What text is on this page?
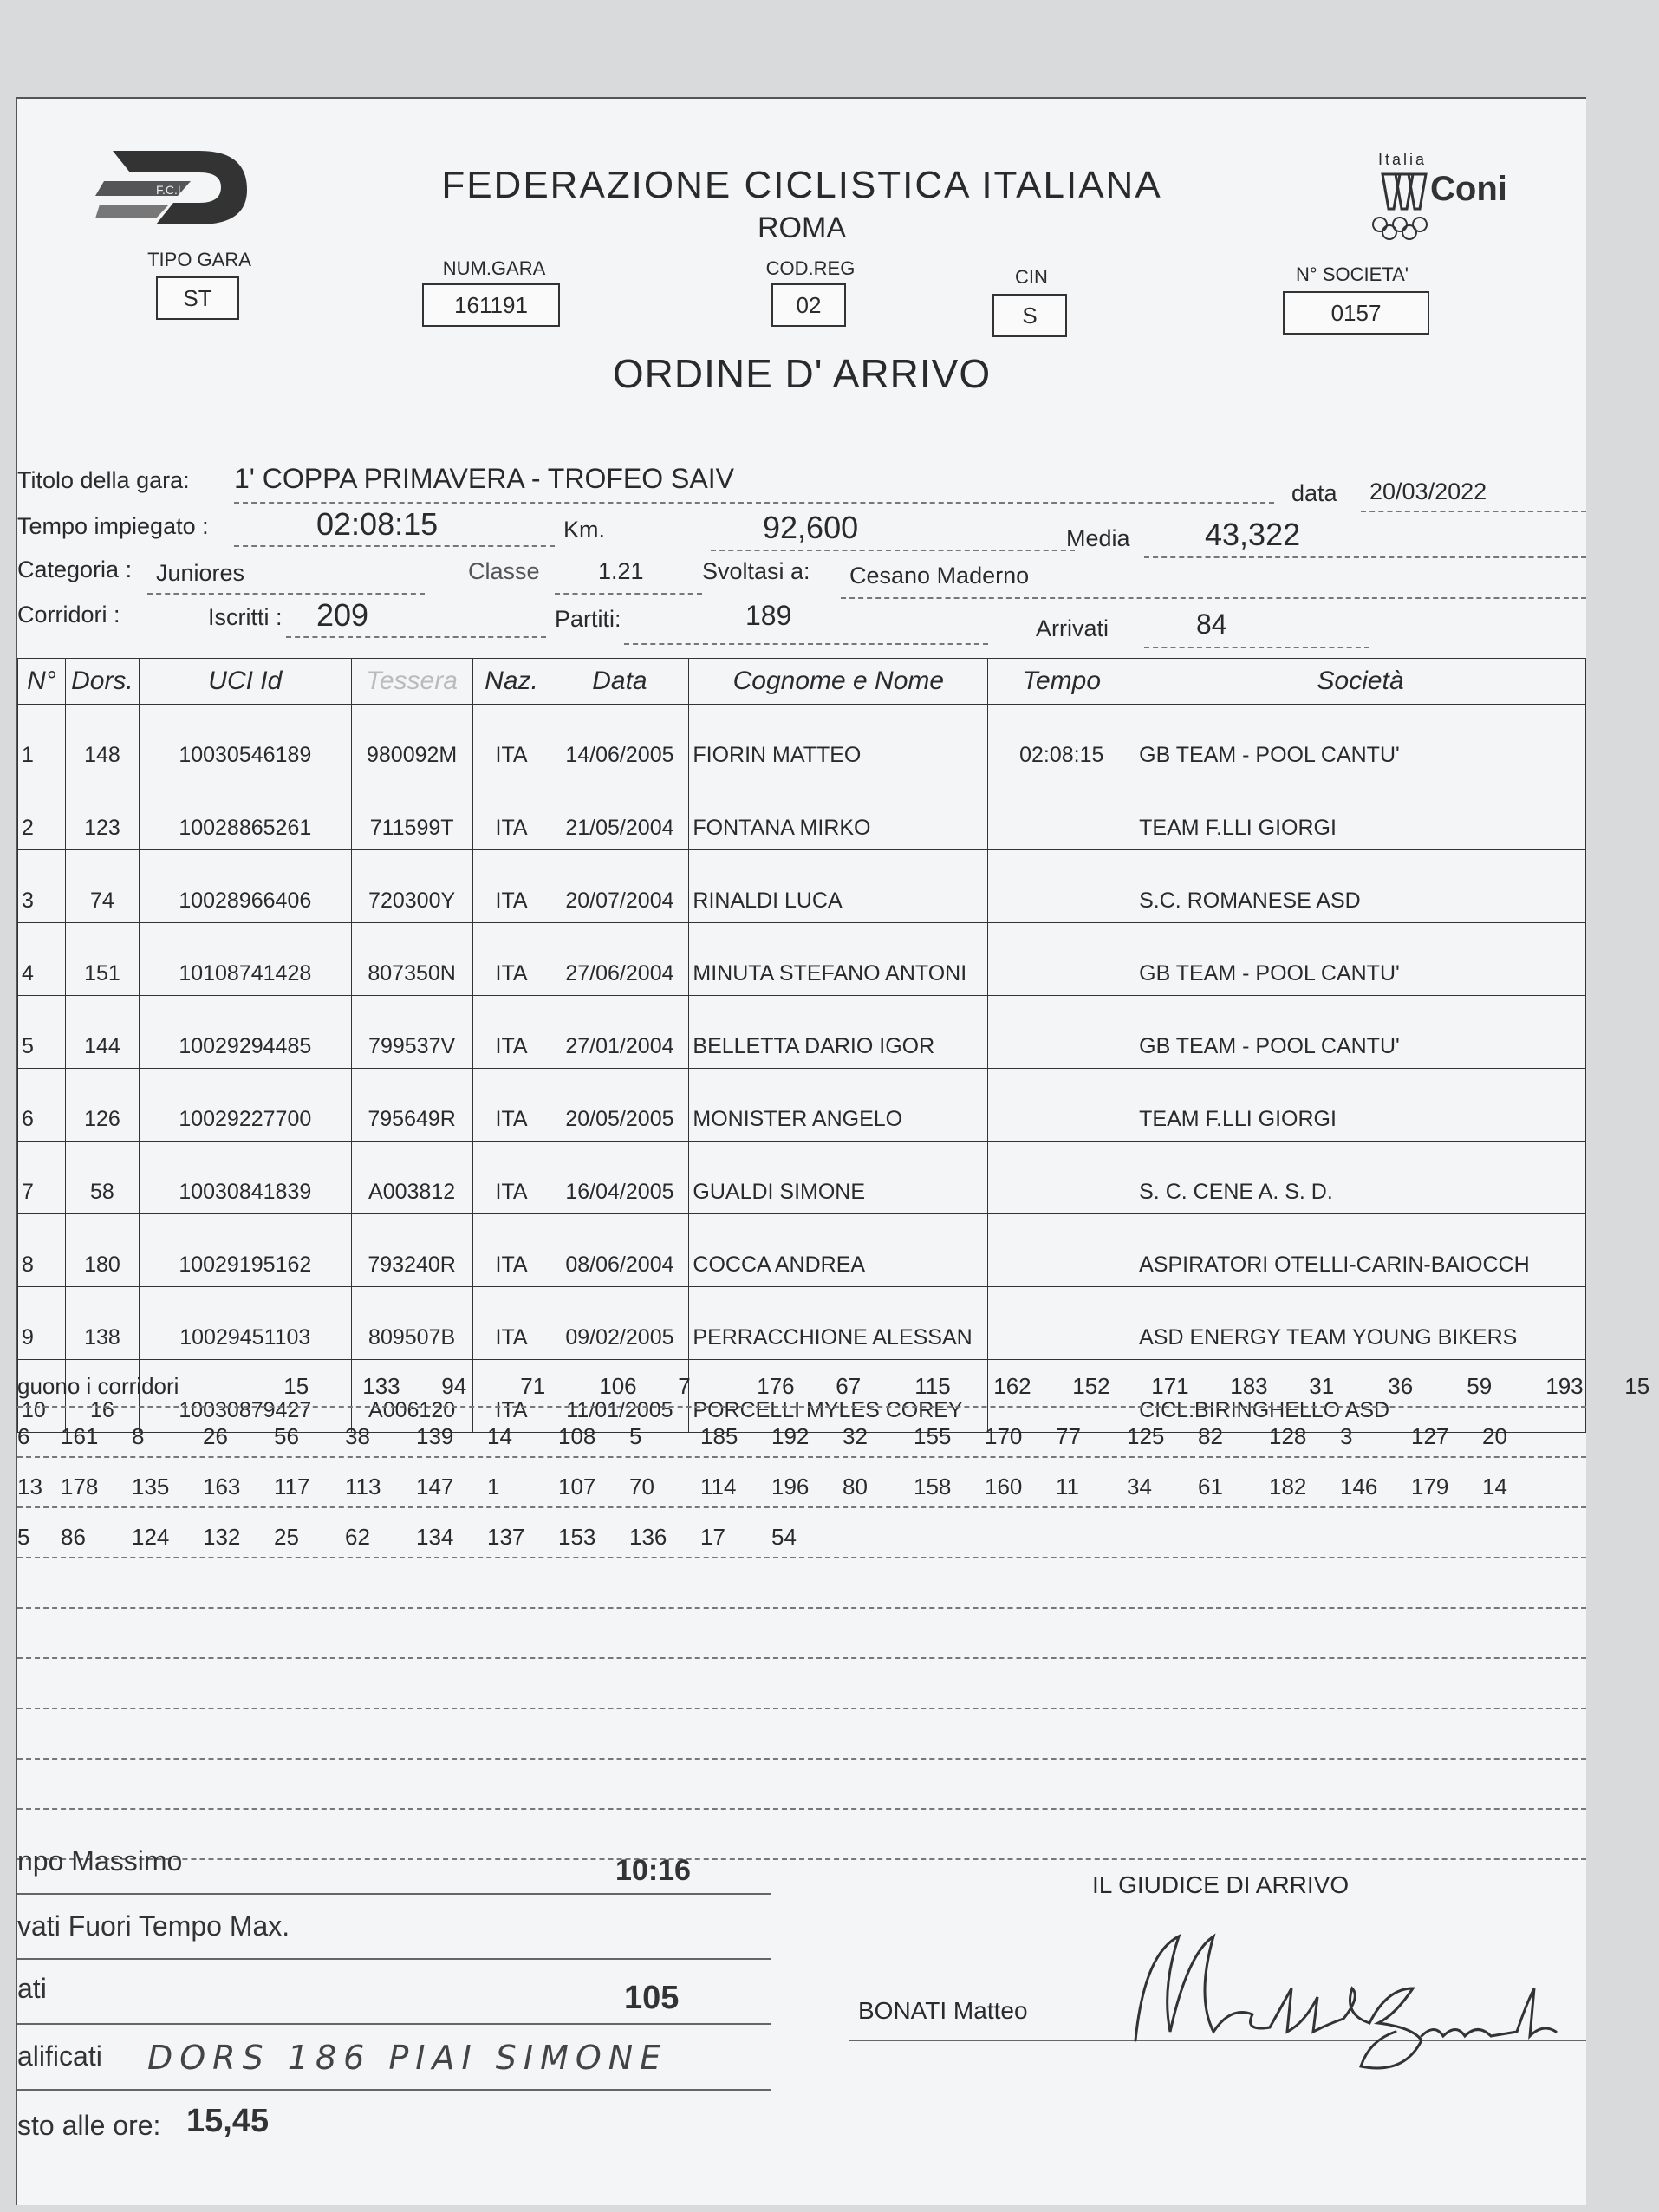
F.C.I.	FEDERAZIONE CICLISTICA ITALIANA
ROMA
Italia
Coni
TIPO GARA
ST
NUM.GARA
161191
COD.REG
02
CIN
S
N° SOCIETA'
0157
ORDINE D' ARRIVO
Titolo della gara: 1' COPPA PRIMAVERA - TROFEO SAIV	data 20/03/2022
Tempo impiegato :	02:08:15	Km.	92,600	Media 43,322
Categoria : Juniores	Classe 1.21 Svoltasi a: Cesano Maderno
Corridori :	Iscritti : 209	Partiti:	189	Arrivati	84
N°	Dors.	UCI Id	Tessera	Naz.	Data	Cognome e Nome	Tempo	Società
1	148	10030546189	980092M	ITA	14/06/2005	FIORIN MATTEO	02:08:15	GB TEAM - POOL CANTU'
2	123	10028865261	711599T	ITA	21/05/2004	FONTANA MIRKO		TEAM F.LLI GIORGI
3	74	10028966406	720300Y	ITA	20/07/2004	RINALDI LUCA		S.C. ROMANESE ASD
4	151	10108741428	807350N	ITA	27/06/2004	MINUTA STEFANO ANTONI		GB TEAM - POOL CANTU'
5	144	10029294485	799537V	ITA	27/01/2004	BELLETTA DARIO IGOR		GB TEAM - POOL CANTU'
6	126	10029227700	795649R	ITA	20/05/2005	MONISTER ANGELO		TEAM F.LLI GIORGI
7	58	10030841839	A003812	ITA	16/04/2005	GUALDI SIMONE		S. C. CENE A. S. D.
8	180	10029195162	793240R	ITA	08/06/2004	COCCA ANDREA		ASPIRATORI OTELLI-CARIN-BAIOCCH
9	138	10029451103	809507B	ITA	09/02/2005	PERRACCHIONE ALESSAN		ASD ENERGY TEAM YOUNG BIKERS
10	16	10030879427	A006120	ITA	11/01/2005	PORCELLI MYLES COREY		CICL.BIRINGHELLO ASD
guono i corridori	15 133 94 71 106 7	176 67 115 162 152 171 183 31 36 59 193 15
6 161 8	26 56 38 139 14 108 5	185 192 32 155 170 77 125 82 128 3	127 20
13 178 135 163 117 113 147 1	107 70 114 196 80 158 160 11 34 61 182 146 179 14
5 86 124 132 25 62 134 137 153 136 17 54
npo Massimo	10:16
vati Fuori Tempo Max.
ati	105
alificati DORS 186 PIAI SIMONE
sto alle ore: 15,45
IL GIUDICE DI ARRIVO
BONATI Matteo
